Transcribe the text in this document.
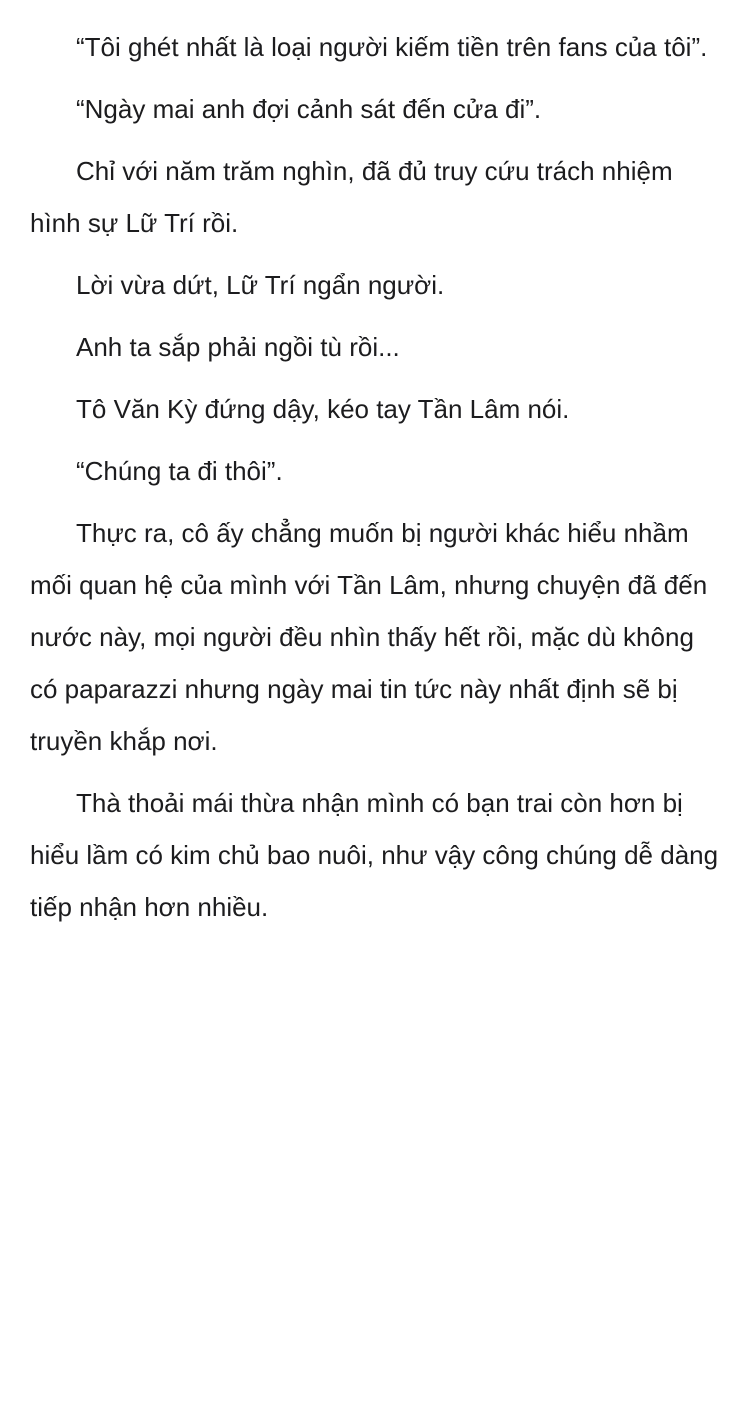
“Tôi ghét nhất là loại người kiếm tiền trên fans của tôi”.

“Ngày mai anh đợi cảnh sát đến cửa đi”.

Chỉ với năm trăm nghìn, đã đủ truy cứu trách nhiệm hình sự Lữ Trí rồi.

Lời vừa dứt, Lữ Trí ngẩn người.

Anh ta sắp phải ngồi tù rồi...

Tô Văn Kỳ đứng dậy, kéo tay Tần Lâm nói.

“Chúng ta đi thôi”.

Thực ra, cô ấy chẳng muốn bị người khác hiểu nhầm mối quan hệ của mình với Tần Lâm, nhưng chuyện đã đến nước này, mọi người đều nhìn thấy hết rồi, mặc dù không có paparazzi nhưng ngày mai tin tức này nhất định sẽ bị truyền khắp nơi.

Thà thoải mái thừa nhận mình có bạn trai còn hơn bị hiểu lầm có kim chủ bao nuôi, như vậy công chúng dễ dàng tiếp nhận hơn nhiều.
